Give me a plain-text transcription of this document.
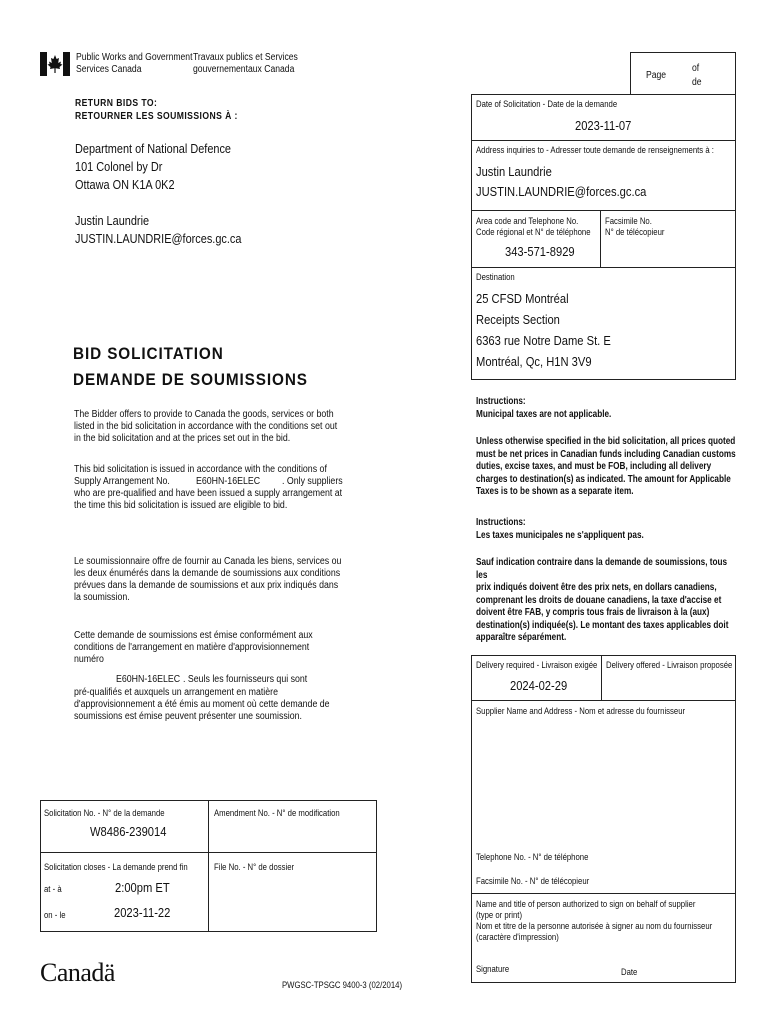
Public Works and Government
Services Canada
Travaux publics et Services
gouvernementaux Canada
Page
of
de
RETURN BIDS TO:
RETOURNER LES SOUMISSIONS À :
Department of National Defence
101 Colonel by Dr
Ottawa ON K1A 0K2
Justin Laundrie
JUSTIN.LAUNDRIE@forces.gc.ca
BID SOLICITATION
DEMANDE DE SOUMISSIONS
The Bidder offers to provide to Canada the goods, services or both
listed in the bid solicitation in accordance with the conditions set out
in the bid solicitation and at the prices set out in the bid.
This bid solicitation is issued in accordance with the conditions of
Supply Arrangement No.	E60HN-16ELEC . Only suppliers
who are pre-qualified and have been issued a supply arrangement at
the time this bid solicitation is issued are eligible to bid.
Le soumissionnaire offre de fournir au Canada les biens, services ou
les deux énumérés dans la demande de soumissions aux conditions
prévues dans la demande de soumissions et aux prix indiqués dans
la soumission.
Cette demande de soumissions est émise conformément aux
conditions de l'arrangement en matière d'approvisionnement
numéro
E60HN-16ELEC . Seuls les fournisseurs qui sont
pré-qualifiés et auxquels un arrangement en matière
d'approvisionnement a été émis au moment où cette demande de
soumissions est émise peuvent présenter une soumission.
Solicitation No. - N° de la demande
W8486-239014
Amendment No. - N° de modification
Solicitation closes - La demande prend fin
at - à	2:00pm ET
on - le	2023-11-22
File No. - N° de dossier
Canadä	PWGSC-TPSGC 9400-3 (02/2014)
Date of Solicitation - Date de la demande
2023-11-07
Address inquiries to - Adresser toute demande de renseignements à :
Justin Laundrie
JUSTIN.LAUNDRIE@forces.gc.ca
Area code and Telephone No.
Code régional et N° de téléphone
343-571-8929
Facsimile No.
N° de télécopieur
Destination
25 CFSD Montréal
Receipts Section
6363 rue Notre Dame St. E
Montréal, Qc, H1N 3V9
Instructions:
Municipal taxes are not applicable.
Unless otherwise specified in the bid solicitation, all prices quoted
must be net prices in Canadian funds including Canadian customs
duties, excise taxes, and must be FOB, including all delivery
charges to destination(s) as indicated. The amount for Applicable
Taxes is to be shown as a separate item.
Instructions:
Les taxes municipales ne s'appliquent pas.
Sauf indication contraire dans la demande de soumissions, tous les
prix indiqués doivent être des prix nets, en dollars canadiens,
comprenant les droits de douane canadiens, la taxe d'accise et
doivent être FAB, y compris tous frais de livraison à la (aux)
destination(s) indiquée(s). Le montant des taxes applicables doit
apparaître séparément.
Delivery required - Livraison exigée
2024-02-29
Delivery offered - Livraison proposée
Supplier Name and Address - Nom et adresse du fournisseur
Telephone No. - N° de téléphone
Facsimile No. - N° de télécopieur
Name and title of person authorized to sign on behalf of supplier
(type or print)
Nom et titre de la personne autorisée à signer au nom du fournisseur
(caractère d'impression)
Signature	Date
